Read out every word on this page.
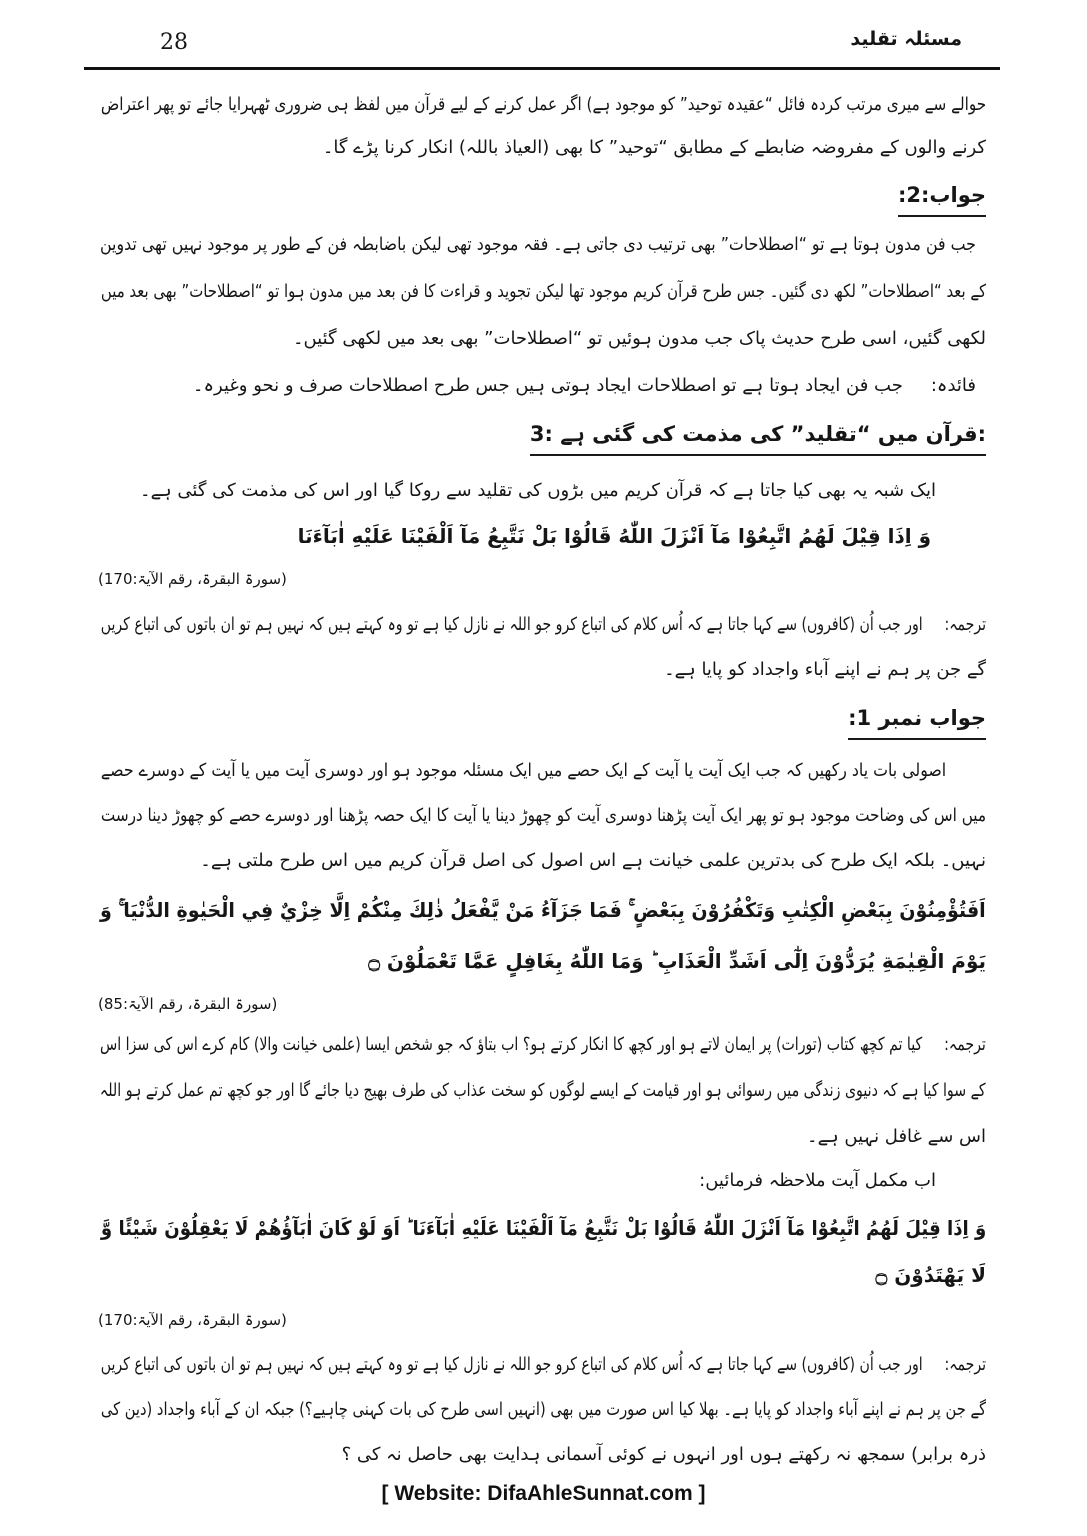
28	مسئلہ تقلید
حوالے سے میری مرتب کردہ فائل “عقیدہ توحید” کو موجود ہے) اگر عمل کرنے کے لیے قرآن میں لفظ ہی ضروری ٹھہرایا جائے تو پھر اعتراض
کرنے والوں کے مفروضہ ضابطے کے مطابق “توحید” کا بھی (العیاذ باللہ) انکار کرنا پڑے گا۔
جواب:2:
جب فن مدون ہوتا ہے تو “اصطلاحات” بھی ترتیب دی جاتی ہے۔ فقہ موجود تھی لیکن باضابطہ فن کے طور پر موجود نہیں تھی تدوین
کے بعد “اصطلاحات” لکھ دی گئیں۔ جس طرح قرآن کریم موجود تھا لیکن تجوید و قراءت کا فن بعد میں مدون ہوا تو “اصطلاحات” بھی بعد میں
لکھی گئیں، اسی طرح حدیث پاک جب مدون ہوئیں تو “اصطلاحات” بھی بعد میں لکھی گئیں۔
فائدہ:جب فن ایجاد ہوتا ہے تو اصطلاحات ایجاد ہوتی ہیں جس طرح اصطلاحات صرف و نحو وغیرہ۔
3: قرآن میں “تقلید” کی مذمت کی گئی ہے:
ایک شبہ یہ بھی کیا جاتا ہے کہ قرآن کریم میں بڑوں کی تقلید سے روکا گیا اور اس کی مذمت کی گئی ہے۔
وَ اِذَا قِيْلَ لَهُمُ اتَّبِعُوْا مَآ اَنْزَلَ اللّٰهُ قَالُوْا بَلْ نَتَّبِعُ مَآ اَلْفَيْنَا عَلَيْهِ اٰبَآءَنَا
(سورۃ البقرۃ، رقم الآیۃ:170)
ترجمہ:اور جب اُن (کافروں) سے کہا جاتا ہے کہ اُس کلام کی اتباع کرو جو اللہ نے نازل کیا ہے تو وہ کہتے ہیں کہ نہیں ہم تو ان باتوں کی اتباع کریں
گے جن پر ہم نے اپنے آباء واجداد کو پایا ہے۔
جواب نمبر 1:
اصولی بات یاد رکھیں کہ جب ایک آیت یا آیت کے ایک حصے میں ایک مسئلہ موجود ہو اور دوسری آیت میں یا آیت کے دوسرے حصے
میں اس کی وضاحت موجود ہو تو پھر ایک آیت پڑھنا دوسری آیت کو چھوڑ دینا یا آیت کا ایک حصہ پڑھنا اور دوسرے حصے کو چھوڑ دینا درست
نہیں۔ بلکہ ایک طرح کی بدترین علمی خیانت ہے اس اصول کی اصل قرآن کریم میں اس طرح ملتی ہے۔
اَفَتُؤْمِنُوْنَ بِبَعْضِ الْكِتٰبِ وَتَكْفُرُوْنَ بِبَعْضٍ ۚ فَمَا جَزَآءُ مَنْ يَّفْعَلُ ذٰلِكَ مِنْكُمْ اِلَّا خِزْيٌ فِي الْحَيٰوةِ الدُّنْيَا ۚ وَ
يَوْمَ الْقِيٰمَةِ يُرَدُّوْنَ اِلٰٓى اَشَدِّ الْعَذَابِ ؕ وَمَا اللّٰهُ بِغَافِلٍ عَمَّا تَعْمَلُوْنَ ۝
(سورۃ البقرۃ، رقم الآیۃ:85)
ترجمہ:کیا تم کچھ کتاب (تورات) پر ایمان لاتے ہو اور کچھ کا انکار کرتے ہو؟ اب بتاؤ کہ جو شخص ایسا (علمی خیانت والا) کام کرے اس کی سزا اس
کے سوا کیا ہے کہ دنیوی زندگی میں رسوائی ہو اور قیامت کے ایسے لوگوں کو سخت عذاب کی طرف بھیج دیا جائے گا اور جو کچھ تم عمل کرتے ہو اللہ
اس سے غافل نہیں ہے۔
اب مکمل آیت ملاحظہ فرمائیں:
وَ اِذَا قِيْلَ لَهُمُ اتَّبِعُوْا مَآ اَنْزَلَ اللّٰهُ قَالُوْا بَلْ نَتَّبِعُ مَآ اَلْفَيْنَا عَلَيْهِ اٰبَآءَنَا ؕ اَوَ لَوْ كَانَ اٰبَآؤُهُمْ لَا يَعْقِلُوْنَ شَيْئًا وَّ
لَا يَهْتَدُوْنَ ۝
(سورۃ البقرۃ، رقم الآیۃ:170)
ترجمہ:اور جب اُن (کافروں) سے کہا جاتا ہے کہ اُس کلام کی اتباع کرو جو اللہ نے نازل کیا ہے تو وہ کہتے ہیں کہ نہیں ہم تو ان باتوں کی اتباع کریں
گے جن پر ہم نے اپنے آباء واجداد کو پایا ہے۔ بھلا کیا اس صورت میں بھی (انہیں اسی طرح کی بات کہنی چاہیے؟) جبکہ ان کے آباء واجداد (دین کی
ذرہ برابر) سمجھ نہ رکھتے ہوں اور انہوں نے کوئی آسمانی ہدایت بھی حاصل نہ کی ؟
[ Website: DifaAhleSunnat.com ]
